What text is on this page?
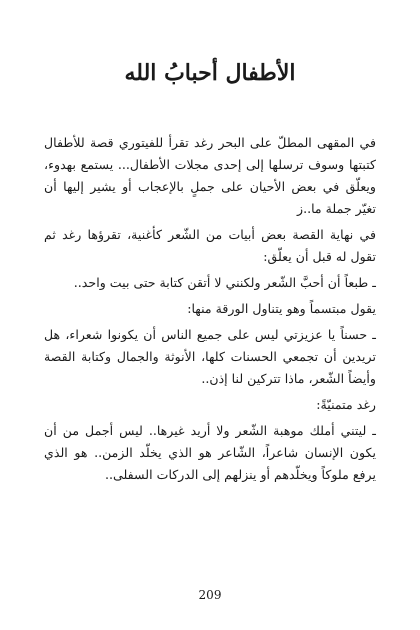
الأطفال أحبابُ الله

في المقهى المطلّ على البحر رغد تقرأ للفيتوري قصة للأطفال كتبتها وسوف ترسلها إلى إحدى مجلات الأطفال... يستمع بهدوء، ويعلّق في بعض الأحيان على جملٍ بالإعجاب أو يشير إليها أن تغيّر جملة ما..ز

في نهاية القصة بعض أبيات من الشّعر كأغنية، تقرؤها رغد ثم تقول له قبل أن يعلّق:

ـ طبعاً أن أحبَّ الشّعر ولكنني لا أتقن كتابة حتى بيت واحد..

يقول مبتسماً وهو يتناول الورقة منها:

ـ حسناً يا عزيزتي ليس على جميع الناس أن يكونوا شعراء، هل تريدين أن تجمعي الحسنات كلها، الأنوثة والجمال وكتابة القصة وأيضاً الشّعر، ماذا تتركين لنا إذن..

رغد متمنيّةً:

ـ ليتني أملك موهبة الشّعر ولا أريد غيرها.. ليس أجمل من أن يكون الإنسان شاعراً، الشّاعر هو الذي يخلّد الزمن.. هو الذي يرفع ملوكاً ويخلّدهم أو ينزلهم إلى الدركات السفلى..

209
